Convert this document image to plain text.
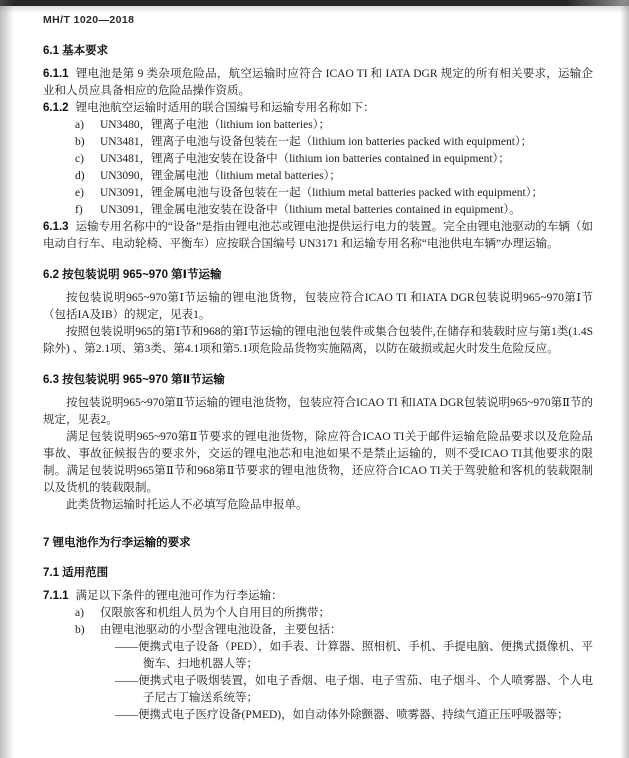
MH/T 1020—2018

6.1 基本要求

6.1.1 锂电池是第 9 类杂项危险品，航空运输时应符合 ICAO TI 和 IATA DGR 规定的所有相关要求，运输企业和人员应具备相应的危险品操作资质。

6.1.2 锂电池航空运输时适用的联合国编号和运输专用名称如下：

a) UN3480，锂离子电池（lithium ion batteries）；

b) UN3481，锂离子电池与设备包装在一起（lithium ion batteries packed with equipment）；

c) UN3481，锂离子电池安装在设备中（lithium ion batteries contained in equipment）；

d) UN3090，锂金属电池（lithium metal batteries）；

e) UN3091，锂金属电池与设备包装在一起（lithium metal batteries packed with equipment）；

f) UN3091，锂金属电池安装在设备中（lithium metal batteries contained in equipment）。

6.1.3 运输专用名称中的“设备”是指由锂电池芯或锂电池提供运行电力的装置。完全由锂电池驱动的车辆（如电动自行车、电动轮椅、平衡车）应按联合国编号 UN3171 和运输专用名称“电池供电车辆”办理运输。

6.2 按包装说明 965~970 第Ⅰ节运输

按包装说明965~970第Ⅰ节运输的锂电池货物，包装应符合ICAO TI 和IATA DGR包装说明965~970第Ⅰ节（包括IA及IB）的规定，见表1。

按照包装说明965的第Ⅰ节和968的第Ⅰ节运输的锂电池包装件或集合包装件,在储存和装载时应与第1类(1.4S除外) 、第2.1项、第3类、第4.1项和第5.1项危险品货物实施隔离，以防在破损或起火时发生危险反应。

6.3 按包装说明 965~970 第Ⅱ节运输

按包装说明965~970第Ⅱ节运输的锂电池货物，包装应符合ICAO TI 和IATA DGR包装说明965~970第Ⅱ节的规定，见表2。

满足包装说明965~970第Ⅱ节要求的锂电池货物，除应符合ICAO TI关于邮件运输危险品要求以及危险品事故、事故征候报告的要求外，交运的锂电池芯和电池如果不是禁止运输的，则不受ICAO TI其他要求的限制。满足包装说明965第Ⅱ节和968第Ⅱ节要求的锂电池货物，还应符合ICAO TI关于驾驶舱和客机的装载限制以及货机的装载限制。

此类货物运输时托运人不必填写危险品申报单。

7 锂电池作为行李运输的要求
7.1 适用范围

7.1.1 满足以下条件的锂电池可作为行李运输：

a) 仅限旅客和机组人员为个人自用目的所携带；

b) 由锂电池驱动的小型含锂电池设备，主要包括：

——便携式电子设备（PED），如手表、计算器、照相机、手机、手提电脑、便携式摄像机、平衡车、扫地机器人等；

——便携式电子吸烟装置，如电子香烟、电子烟、电子雪茄、电子烟斗、个人喷雾器、个人电子尼古丁输送系统等；

——便携式电子医疗设备(PMED)，如自动体外除颤器、喷雾器、持续气道正压呼吸器等；
